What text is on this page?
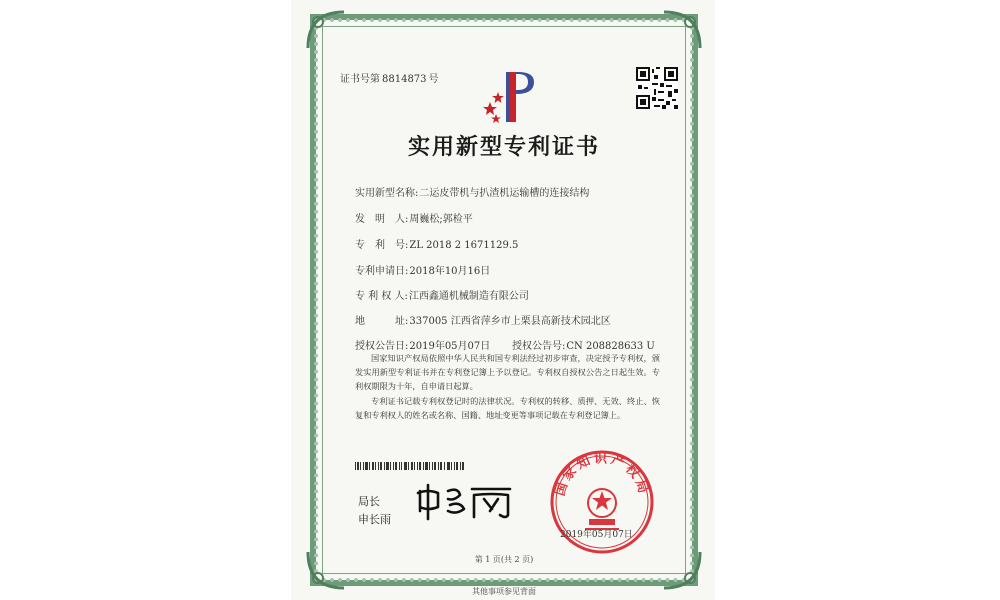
证书号第 8814873 号
实用新型专利证书
实用新型名称:二运皮带机与扒渣机运输槽的连接结构
发　明　人:周巍松;郭检平
专　利　号:ZL 2018 2 1671129.5
专利申请日:2018年10月16日
专 利 权 人:江西鑫通机械制造有限公司
地　　　址:337005 江西省萍乡市上栗县高新技术园北区
授权公告日:2019年05月07日 授权公告号:CN 208828633 U
国家知识产权局依照中华人民共和国专利法经过初步审查，决定授予专利权，颁发实用新型专利证书并在专利登记簿上予以登记。专利权自授权公告之日起生效。专利权期限为十年，自申请日起算。
专利证书记载专利权登记时的法律状况。专利权的转移、质押、无效、终止、恢复和专利权人的姓名或名称、国籍、地址变更等事项记载在专利登记簿上。
局长
申长雨
国家知识产权局
2019年05月07日
第 1 页(共 2 页)
其他事项参见背面
